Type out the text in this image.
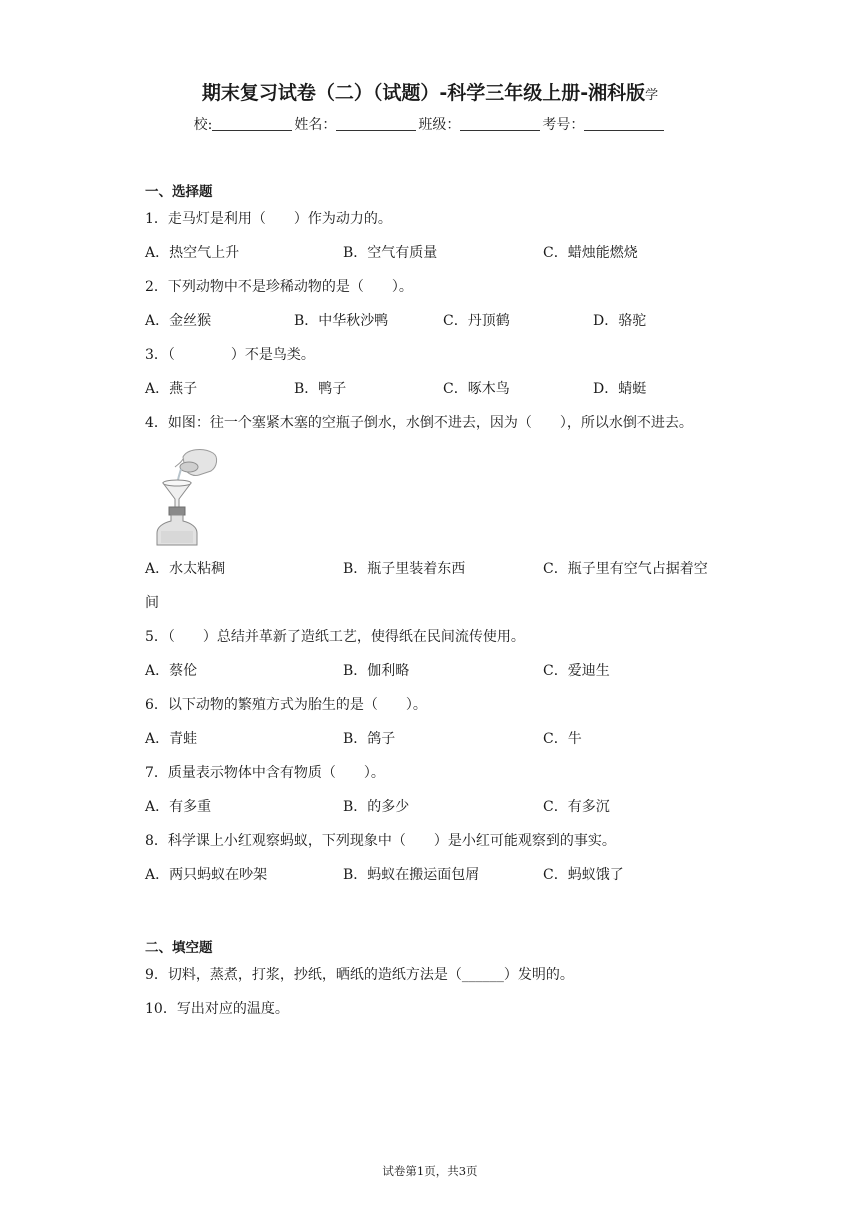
期末复习试卷（二）（试题）-科学三年级上册-湘科版学
校:	姓名：	班级：	考号：
一、选择题
1．走马灯是利用（　　）作为动力的。
A．热空气上升	B．空气有质量	C．蜡烛能燃烧
2．下列动物中不是珍稀动物的是（　　）。
A．金丝猴	B．中华秋沙鸭	C．丹顶鹤	D．骆驼
3．（　　　　）不是鸟类。
A．燕子	B．鸭子	C．啄木鸟	D．蜻蜓
4．如图：往一个塞紧木塞的空瓶子倒水，水倒不进去，因为（　　），所以水倒不进去。
A．水太粘稠	B．瓶子里装着东西	C．瓶子里有空气占据着空
间
5．（　　）总结并革新了造纸工艺，使得纸在民间流传使用。
A．蔡伦	B．伽利略	C．爱迪生
6．以下动物的繁殖方式为胎生的是（　　）。
A．青蛙	B．鸽子	C．牛
7．质量表示物体中含有物质（　　）。
A．有多重	B．的多少	C．有多沉
8．科学课上小红观察蚂蚁，下列现象中（　　）是小红可能观察到的事实。
A．两只蚂蚁在吵架	B．蚂蚁在搬运面包屑	C．蚂蚁饿了
二、填空题
9．切料，蒸煮，打浆，抄纸，晒纸的造纸方法是（______）发明的。
10．写出对应的温度。
试卷第1页，共3页
